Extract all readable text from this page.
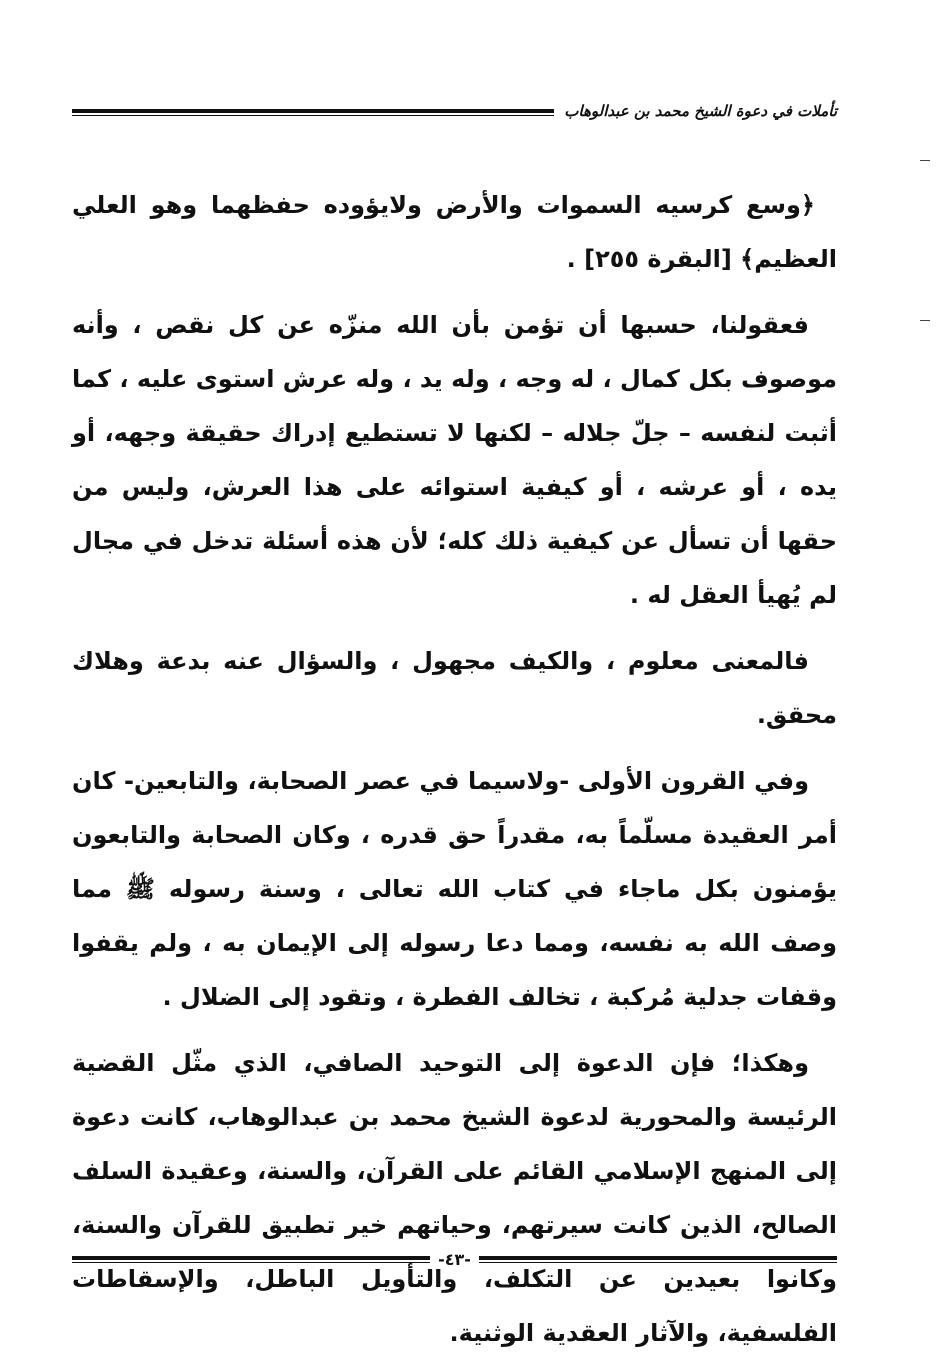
تأملات في دعوة الشيخ محمد بن عبدالوهاب

﴿وسع كرسيه السموات والأرض ولايؤوده حفظهما وهو العلي العظيم﴾ [البقرة ٢٥٥] .

فعقولنا، حسبها أن تؤمن بأن الله منزّه عن كل نقص ، وأنه موصوف بكل كمال ، له وجه ، وله يد ، وله عرش استوى عليه ، كما أثبت لنفسه – جلّ جلاله – لكنها لا تستطيع إدراك حقيقة وجهه، أو يده ، أو عرشه ، أو كيفية استوائه على هذا العرش، وليس من حقها أن تسأل عن كيفية ذلك كله؛ لأن هذه أسئلة تدخل في مجال لم يُهيأ العقل له .

فالمعنى معلوم ، والكيف مجهول ، والسؤال عنه بدعة وهلاك محقق.

وفي القرون الأولى -ولاسيما في عصر الصحابة، والتابعين- كان أمر العقيدة مسلّماً به، مقدراً حق قدره ، وكان الصحابة والتابعون يؤمنون بكل ماجاء في كتاب الله تعالى ، وسنة رسوله ﷺ مما وصف الله به نفسه، ومما دعا رسوله إلى الإيمان به ، ولم يقفوا وقفات جدلية مُركبة ، تخالف الفطرة ، وتقود إلى الضلال .

وهكذا؛ فإن الدعوة إلى التوحيد الصافي، الذي مثّل القضية الرئيسة والمحورية لدعوة الشيخ محمد بن عبدالوهاب، كانت دعوة إلى المنهج الإسلامي القائم على القرآن، والسنة، وعقيدة السلف الصالح، الذين كانت سيرتهم، وحياتهم خير تطبيق للقرآن والسنة، وكانوا بعيدين عن التكلف، والتأويل الباطل، والإسقاطات الفلسفية، والآثار العقدية الوثنية.

-٤٣-
